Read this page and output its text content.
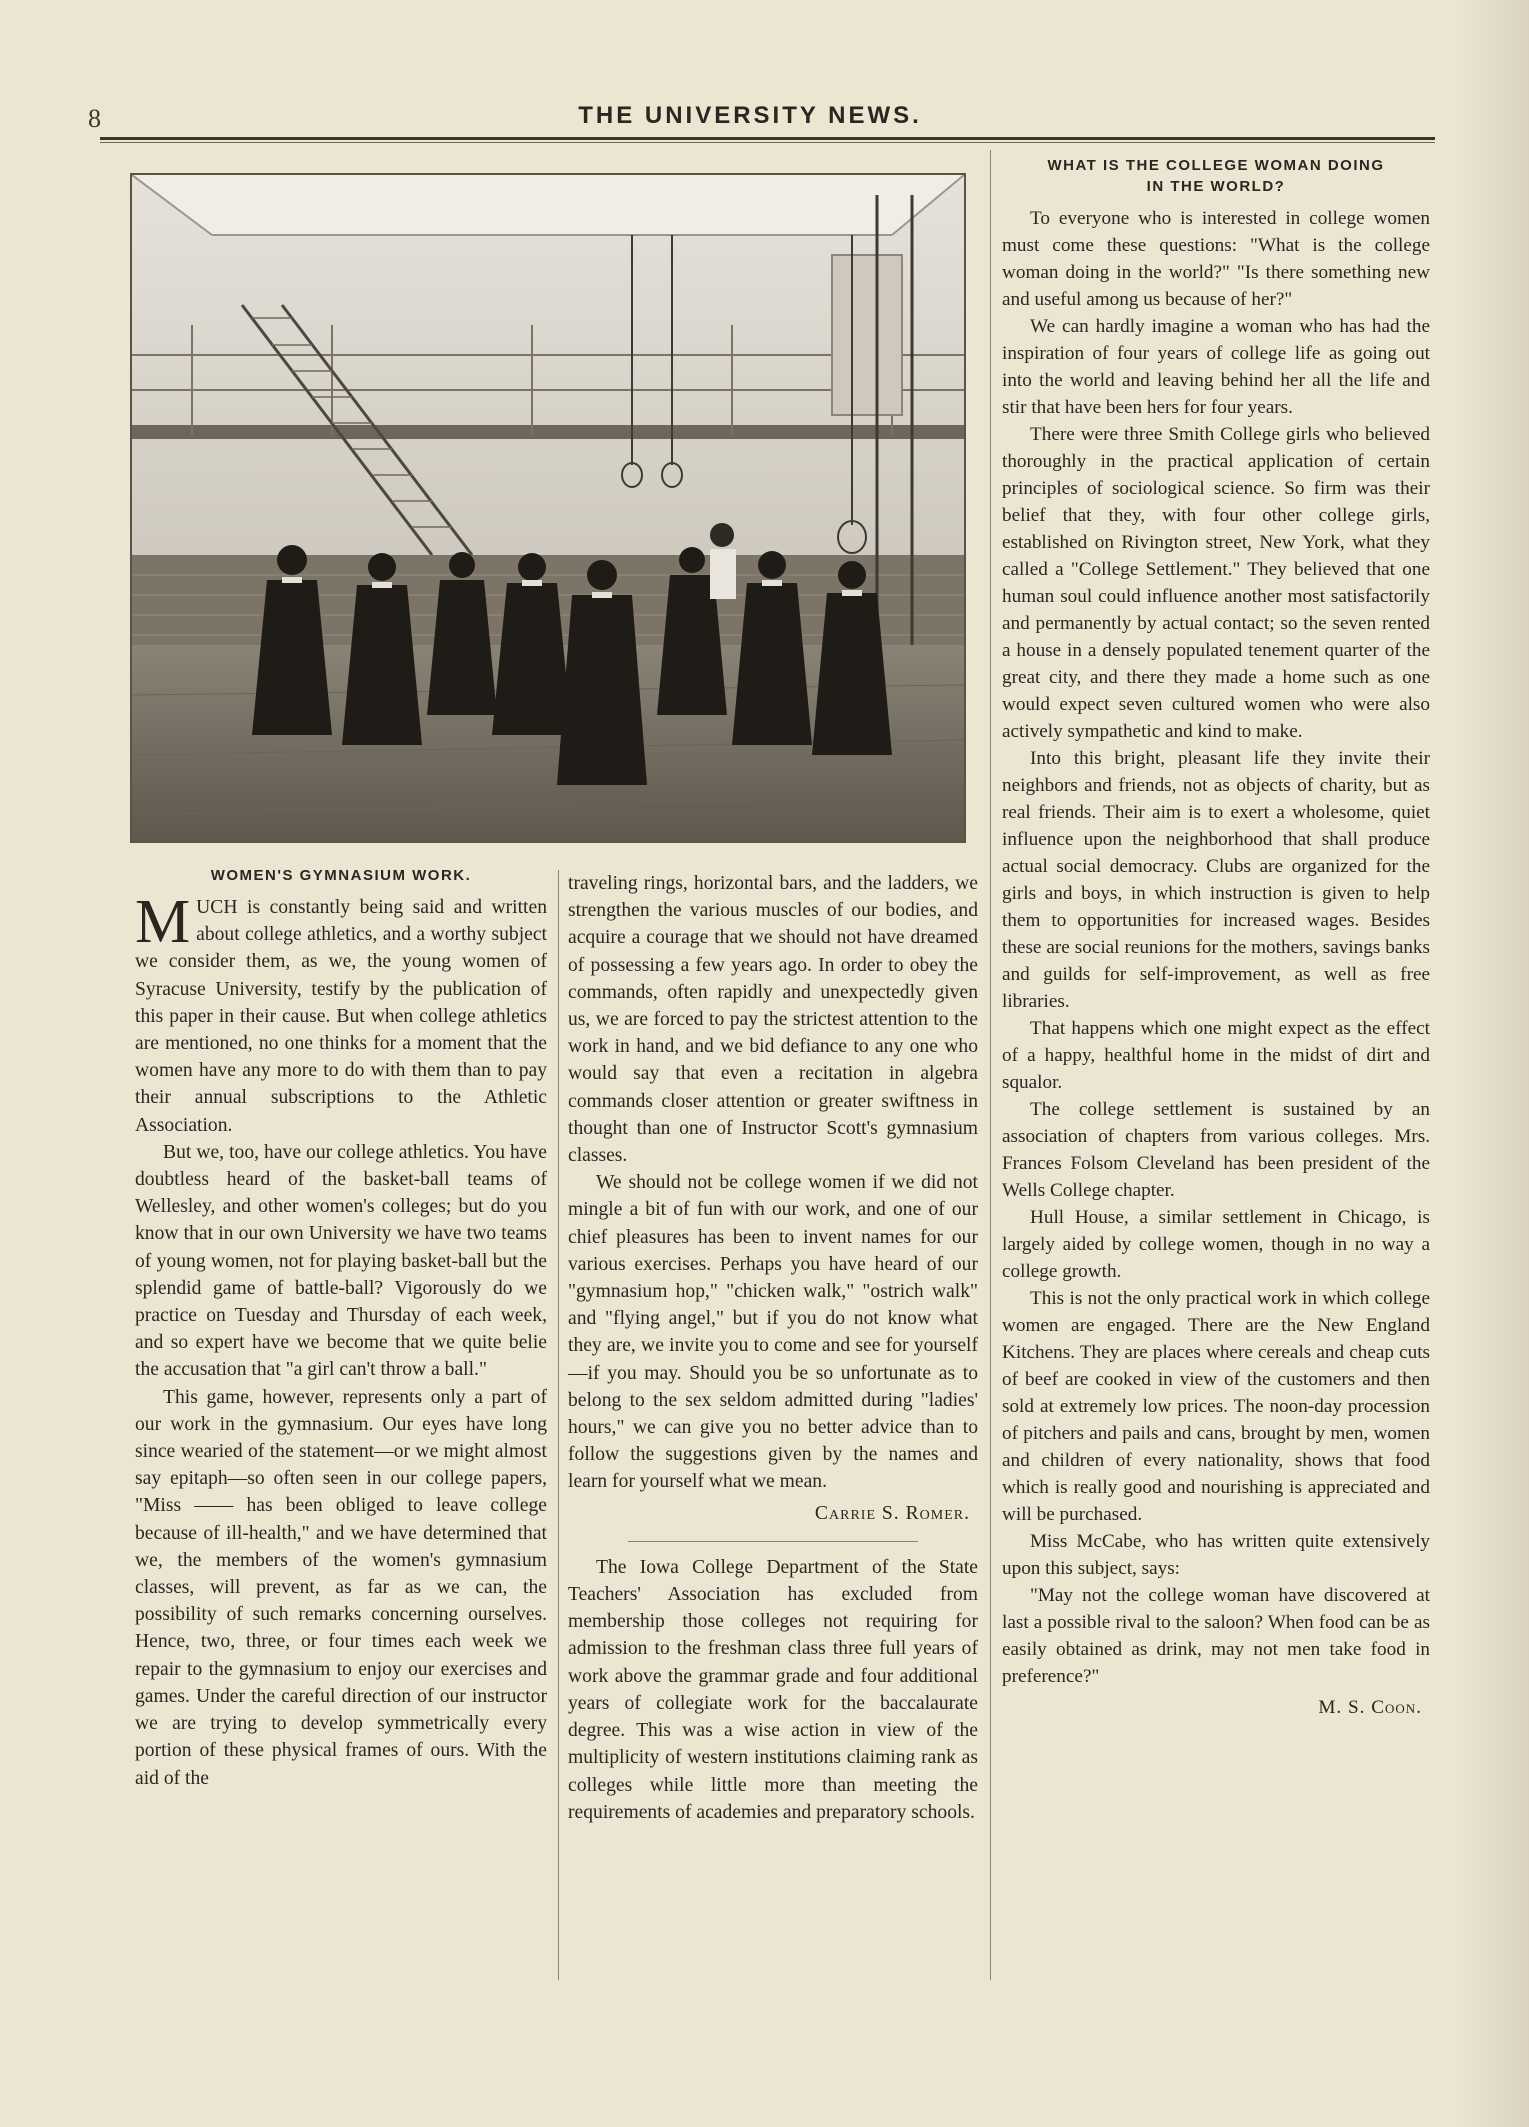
8	THE UNIVERSITY NEWS.
WOMEN'S GYMNASIUM WORK.

MUCH is constantly being said and written about college athletics, and a worthy subject we consider them, as we, the young women of Syracuse University, testify by the publication of this paper in their cause. But when college athletics are mentioned, no one thinks for a moment that the women have any more to do with them than to pay their annual subscriptions to the Athletic Association.

But we, too, have our college athletics. You have doubtless heard of the basket-ball teams of Wellesley, and other women's colleges; but do you know that in our own University we have two teams of young women, not for playing basket-ball but the splendid game of battle-ball? Vigorously do we practice on Tuesday and Thursday of each week, and so expert have we become that we quite belie the accusation that "a girl can't throw a ball."

This game, however, represents only a part of our work in the gymnasium. Our eyes have long since wearied of the statement—or we might almost say epitaph—so often seen in our college papers, "Miss —— has been obliged to leave college because of ill-health," and we have determined that we, the members of the women's gymnasium classes, will prevent, as far as we can, the possibility of such remarks concerning ourselves. Hence, two, three, or four times each week we repair to the gymnasium to enjoy our exercises and games. Under the careful direction of our instructor we are trying to develop symmetrically every portion of these physical frames of ours. With the aid of the

traveling rings, horizontal bars, and the ladders, we strengthen the various muscles of our bodies, and acquire a courage that we should not have dreamed of possessing a few years ago. In order to obey the commands, often rapidly and unexpectedly given us, we are forced to pay the strictest attention to the work in hand, and we bid defiance to any one who would say that even a recitation in algebra commands closer attention or greater swiftness in thought than one of Instructor Scott's gymnasium classes.

We should not be college women if we did not mingle a bit of fun with our work, and one of our chief pleasures has been to invent names for our various exercises. Perhaps you have heard of our "gymnasium hop," "chicken walk," "ostrich walk" and "flying angel," but if you do not know what they are, we invite you to come and see for yourself—if you may. Should you be so unfortunate as to belong to the sex seldom admitted during "ladies' hours," we can give you no better advice than to follow the suggestions given by the names and learn for yourself what we mean.

Carrie S. Romer.

The Iowa College Department of the State Teachers' Association has excluded from membership those colleges not requiring for admission to the freshman class three full years of work above the grammar grade and four additional years of collegiate work for the baccalaurate degree. This was a wise action in view of the multiplicity of western institutions claiming rank as colleges while little more than meeting the requirements of academies and preparatory schools.

WHAT IS THE COLLEGE WOMAN DOING
IN THE WORLD?

To everyone who is interested in college women must come these questions: "What is the college woman doing in the world?" "Is there something new and useful among us because of her?"

We can hardly imagine a woman who has had the inspiration of four years of college life as going out into the world and leaving behind her all the life and stir that have been hers for four years.

There were three Smith College girls who believed thoroughly in the practical application of certain principles of sociological science. So firm was their belief that they, with four other college girls, established on Rivington street, New York, what they called a "College Settlement." They believed that one human soul could influence another most satisfactorily and permanently by actual contact; so the seven rented a house in a densely populated tenement quarter of the great city, and there they made a home such as one would expect seven cultured women who were also actively sympathetic and kind to make.

Into this bright, pleasant life they invite their neighbors and friends, not as objects of charity, but as real friends. Their aim is to exert a wholesome, quiet influence upon the neighborhood that shall produce actual social democracy. Clubs are organized for the girls and boys, in which instruction is given to help them to opportunities for increased wages. Besides these are social reunions for the mothers, savings banks and guilds for self-improvement, as well as free libraries.

That happens which one might expect as the effect of a happy, healthful home in the midst of dirt and squalor.

The college settlement is sustained by an association of chapters from various colleges. Mrs. Frances Folsom Cleveland has been president of the Wells College chapter.

Hull House, a similar settlement in Chicago, is largely aided by college women, though in no way a college growth.

This is not the only practical work in which college women are engaged. There are the New England Kitchens. They are places where cereals and cheap cuts of beef are cooked in view of the customers and then sold at extremely low prices. The noon-day procession of pitchers and pails and cans, brought by men, women and children of every nationality, shows that food which is really good and nourishing is appreciated and will be purchased.

Miss McCabe, who has written quite extensively upon this subject, says:

"May not the college woman have discovered at last a possible rival to the saloon? When food can be as easily obtained as drink, may not men take food in preference?"

M. S. Coon.
